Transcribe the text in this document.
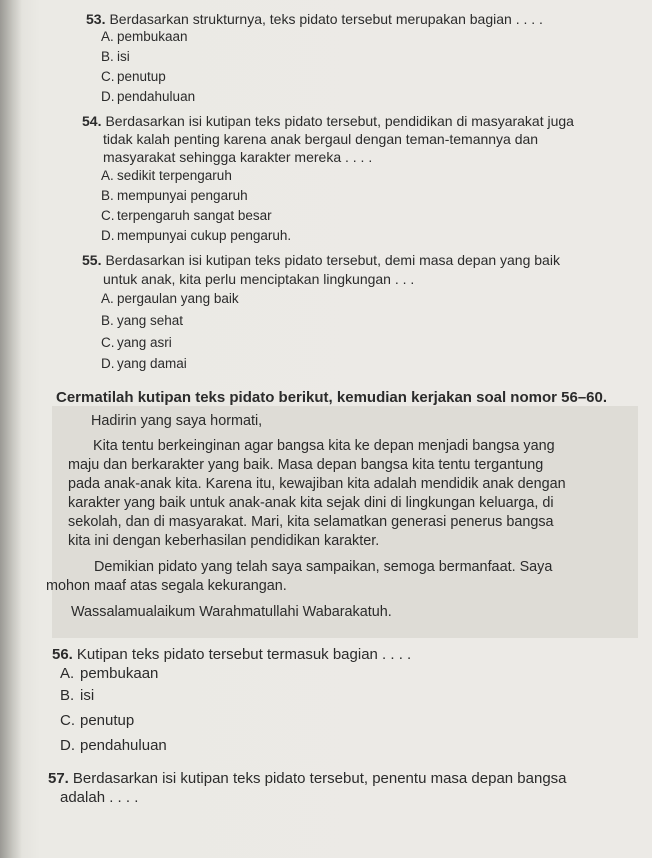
53. Berdasarkan strukturnya, teks pidato tersebut merupakan bagian . . . .
A. pembukaan
B. isi
C. penutup
D. pendahuluan
54. Berdasarkan isi kutipan teks pidato tersebut, pendidikan di masyarakat juga
tidak kalah penting karena anak bergaul dengan teman-temannya dan
masyarakat sehingga karakter mereka . . . .
A. sedikit terpengaruh
B. mempunyai pengaruh
C. terpengaruh sangat besar
D. mempunyai cukup pengaruh.
55. Berdasarkan isi kutipan teks pidato tersebut, demi masa depan yang baik
untuk anak, kita perlu menciptakan lingkungan . . .
A. pergaulan yang baik
B. yang sehat
C. yang asri
D. yang damai
Cermatilah kutipan teks pidato berikut, kemudian kerjakan soal nomor 56–60.

Hadirin yang saya hormati,

Kita tentu berkeinginan agar bangsa kita ke depan menjadi bangsa yang

maju dan berkarakter yang baik. Masa depan bangsa kita tentu tergantung

pada anak-anak kita. Karena itu, kewajiban kita adalah mendidik anak dengan

karakter yang baik untuk anak-anak kita sejak dini di lingkungan keluarga, di

sekolah, dan di masyarakat. Mari, kita selamatkan generasi penerus bangsa

kita ini dengan keberhasilan pendidikan karakter.

Demikian pidato yang telah saya sampaikan, semoga bermanfaat. Saya

mohon maaf atas segala kekurangan.

Wassalamualaikum Warahmatullahi Wabarakatuh.

56. Kutipan teks pidato tersebut termasuk bagian . . . .
A. pembukaan
B. isi
C. penutup
D. pendahuluan
57. Berdasarkan isi kutipan teks pidato tersebut, penentu masa depan bangsa
adalah . . . .
